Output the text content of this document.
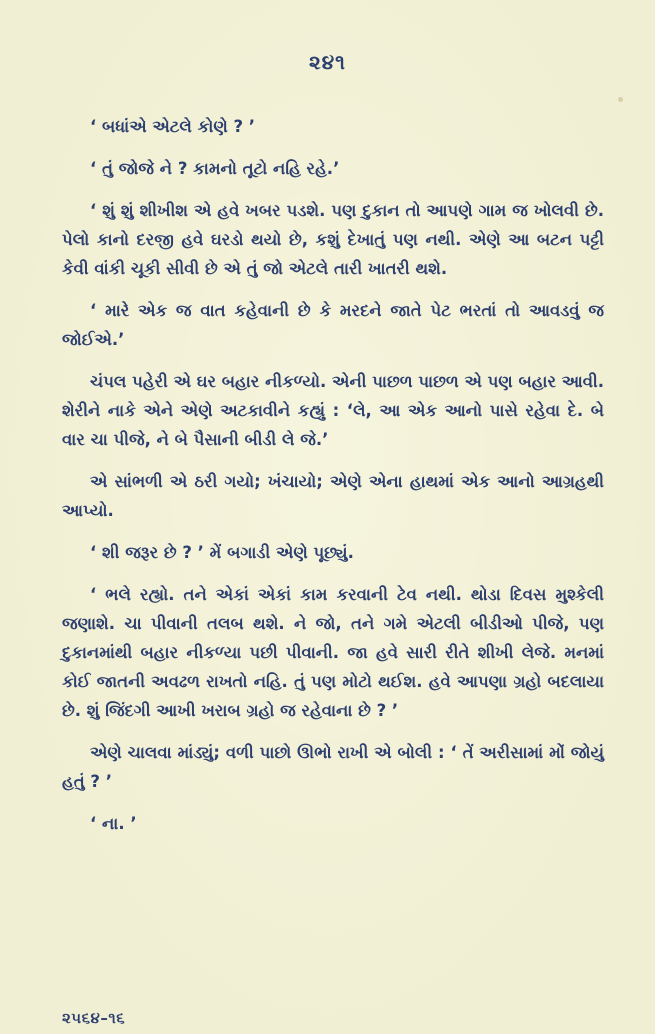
૨૪૧

‘ બધાંએ એટલે કોણે ? ’

‘ તું જોજે ને ? કામનો તૂટો નહિ રહે.’

‘ શું શું શીખીશ એ હવે ખબર પડશે. પણ દુકાન તો આપણે ગામ જ ખોલવી છે. પેલો કાનો દરજી હવે ઘરડો થયો છે, કશું દેખાતું પણ નથી. એણે આ બટન પટ્ટી કેવી વાંકી ચૂકી સીવી છે એ તું જો એટલે તારી ખાતરી થશે.

‘ મારે એક જ વાત કહેવાની છે કે મરદને જાતે પેટ ભરતાં તો આવડવું જ જોઈએ.’

ચંપલ પહેરી એ ઘર બહાર નીકળ્યો. એની પાછળ પાછળ એ પણ બહાર આવી. શેરીને નાકે એને એણે અટકાવીને કહ્યું : ‘લે, આ એક આનો પાસે રહેવા દે. બે વાર ચા પીજે, ને બે પૈસાની બીડી લે જે.’

એ સાંભળી એ ઠરી ગયો; ખંચાયો; એણે એના હાથમાં એક આનો આગ્રહથી આપ્યો.

‘ શી જરૂર છે ? ’ મેં બગાડી એણે પૂછ્યું.

‘ ભલે રહ્યો. તને એકાં એકાં કામ કરવાની ટેવ નથી. થોડા દિવસ મુશ્કેલી જણાશે. ચા પીવાની તલબ થશે. ને જો, તને ગમે એટલી બીડીઓ પીજે, પણ દુકાનમાંથી બહાર નીકળ્યા પછી પીવાની. જા હવે સારી રીતે શીખી લેજે. મનમાં કોઈ જાતની અવઢળ રાખતો નહિ. તું પણ મોટો થઈશ. હવે આપણા ગ્રહો બદલાયા છે. શું જિંદગી આખી ખરાબ ગ્રહો જ રહેવાના છે ? ’

એણે ચાલવા માંડ્યું; વળી પાછો ઊભો રાખી એ બોલી : ‘ તેં અરીસામાં મોં જોયું હતું ? ’

‘ ના. ’

૨૫૬૪–૧૬
